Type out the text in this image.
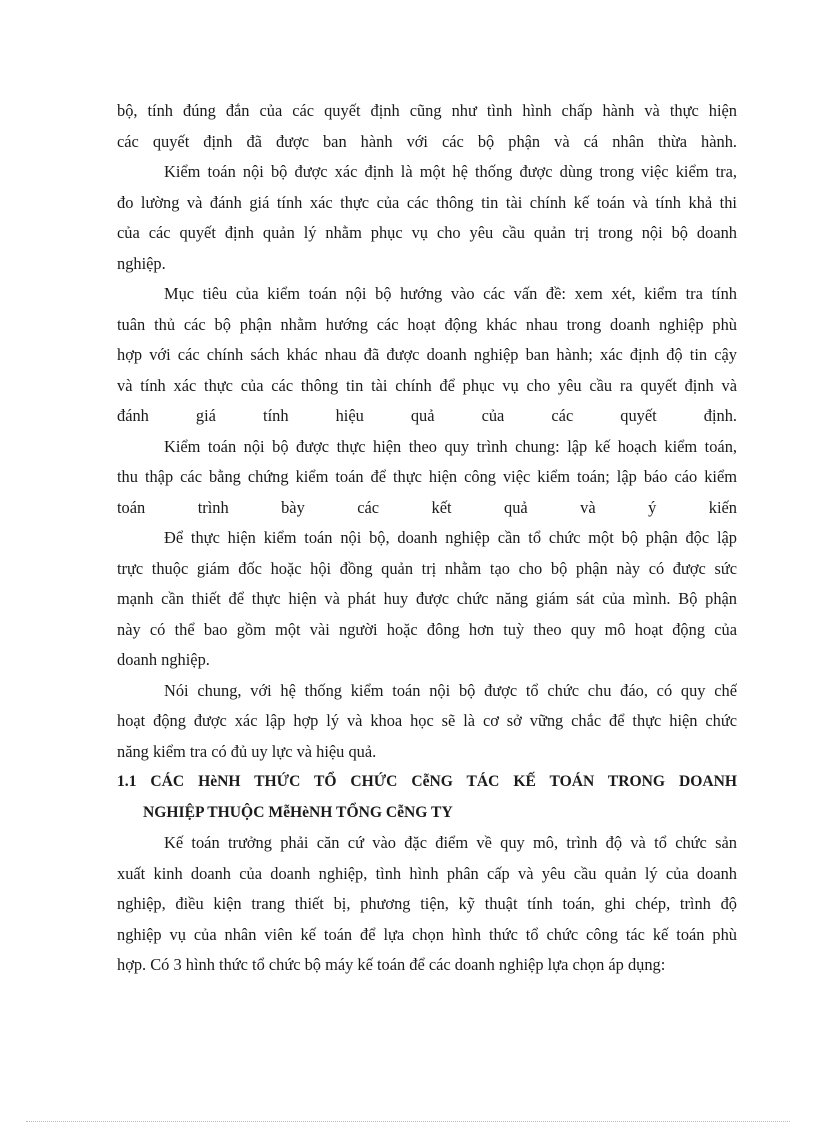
bộ, tính đúng đắn của các quyết định cũng như tình hình chấp hành và thực hiện
các quyết định đã được ban hành với các bộ phận và cá nhân thừa hành.
Kiểm toán nội bộ được xác định là một hệ thống được dùng trong việc kiểm tra,
đo lường và đánh giá tính xác thực của các thông tin tài chính kế toán và tính khả thi
của các quyết định quản lý nhằm phục vụ cho yêu cầu quản trị trong nội bộ doanh
nghiệp.
Mục tiêu của kiểm toán nội bộ hướng vào các vấn đề: xem xét, kiểm tra tính
tuân thủ các bộ phận nhằm hướng các hoạt động khác nhau trong doanh nghiệp phù
hợp với các chính sách khác nhau đã được doanh nghiệp ban hành; xác định độ tin cậy
và tính xác thực của các thông tin tài chính để phục vụ cho yêu cầu ra quyết định và
đánh giá tính hiệu quả của các quyết định.
Kiểm toán nội bộ được thực hiện theo quy trình chung: lập kế hoạch kiểm toán,
thu thập các bằng chứng kiểm toán để thực hiện công việc kiểm toán; lập báo cáo kiểm
toán trình bày các kết quả và ý kiến
Để thực hiện kiểm toán nội bộ, doanh nghiệp cần tổ chức một bộ phận độc lập
trực thuộc giám đốc hoặc hội đồng quản trị nhằm tạo cho bộ phận này có được sức
mạnh cần thiết để thực hiện và phát huy được chức năng giám sát của mình. Bộ phận
này có thể bao gồm một vài người hoặc đông hơn tuỳ theo quy mô hoạt động của
doanh nghiệp.
Nói chung, với hệ thống kiểm toán nội bộ được tổ chức chu đáo, có quy chế
hoạt động được xác lập hợp lý và khoa học sẽ là cơ sở vững chắc để thực hiện chức
năng kiểm tra có đủ uy lực và hiệu quả.
1.1 CÁC HèNH THỨC TỔ CHỨC CễNG TÁC KẾ TOÁN TRONG DOANH
NGHIỆP THUỘC MễHèNH TỔNG CễNG TY
Kế toán trưởng phải căn cứ vào đặc điểm về quy mô, trình độ và tổ chức sản
xuất kinh doanh của doanh nghiệp, tình hình phân cấp và yêu cầu quản lý của doanh
nghiệp, điều kiện trang thiết bị, phương tiện, kỹ thuật tính toán, ghi chép, trình độ
nghiệp vụ của nhân viên kế toán để lựa chọn hình thức tổ chức công tác kế toán phù
hợp. Có 3 hình thức tổ chức bộ máy kế toán để các doanh nghiệp lựa chọn áp dụng:
